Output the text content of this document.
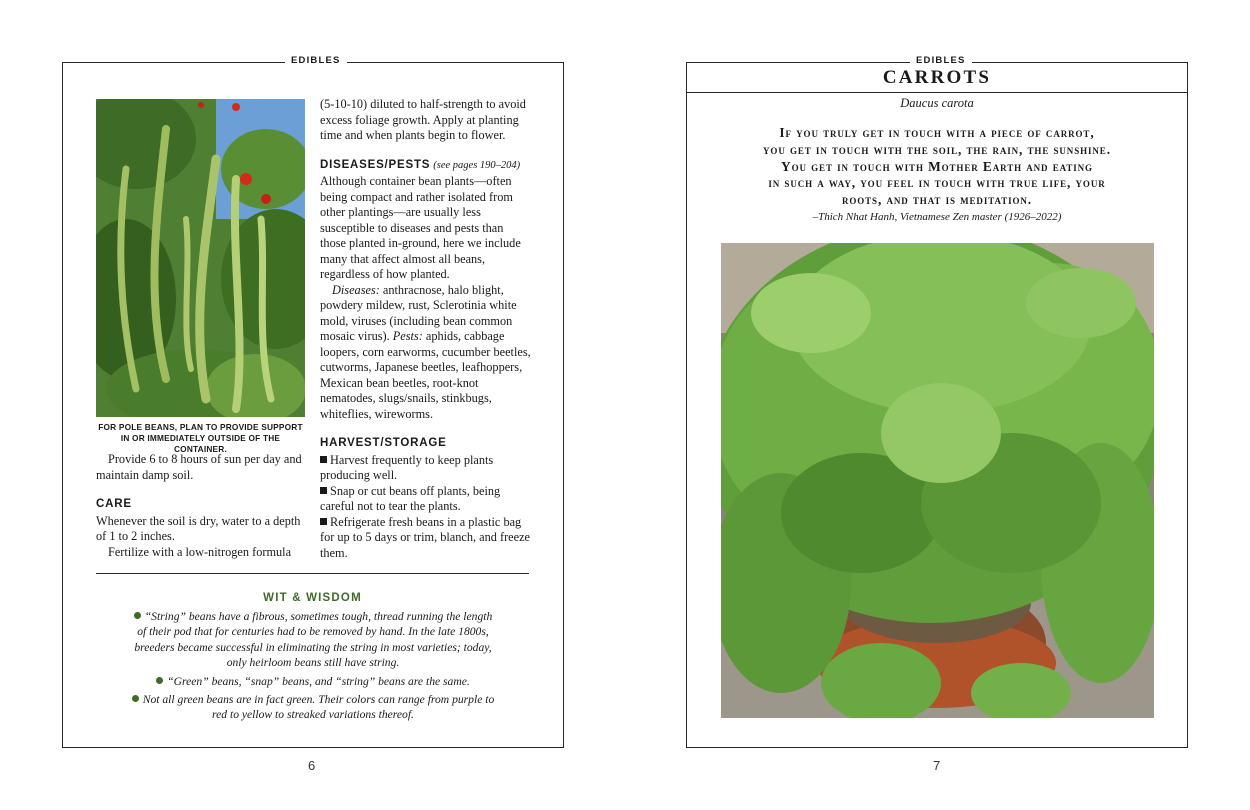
EDIBLES
FOR POLE BEANS, PLAN TO PROVIDE SUPPORT IN OR IMMEDIATELY OUTSIDE OF THE CONTAINER.

Provide 6 to 8 hours of sun per day and maintain damp soil.

CARE

Whenever the soil is dry, water to a depth of 1 to 2 inches.

Fertilize with a low-nitrogen formula

(5-10-10) diluted to half-strength to avoid excess foliage growth. Apply at planting time and when plants begin to flower.

DISEASES/PESTS (see pages 190–204)

Although container bean plants—often being compact and rather isolated from other plantings—are usually less susceptible to diseases and pests than those planted in-ground, here we include many that affect almost all beans, regardless of how planted.

Diseases: anthracnose, halo blight, powdery mildew, rust, Sclerotinia white mold, viruses (including bean common mosaic virus). Pests: aphids, cabbage loopers, corn earworms, cucumber beetles, cutworms, Japanese beetles, leafhoppers, Mexican bean beetles, root-knot nematodes, slugs/snails, stinkbugs, whiteflies, wireworms.

HARVEST/STORAGE
Harvest frequently to keep plants producing well.
Snap or cut beans off plants, being careful not to tear the plants.
Refrigerate fresh beans in a plastic bag for up to 5 days or trim, blanch, and freeze them.
WIT & WISDOM
“String” beans have a fibrous, sometimes tough, thread running the length of their pod that for centuries had to be removed by hand. In the late 1800s, breeders became successful in eliminating the string in most varieties; today, only heirloom beans still have string.
“Green” beans, “snap” beans, and “string” beans are the same.
Not all green beans are in fact green. Their colors can range from purple to red to yellow to streaked variations thereof.
6
EDIBLES
CARROTS
Daucus carota
If you truly get in touch with a piece of carrot,
you get in touch with the soil, the rain, the sunshine.
You get in touch with Mother Earth and eating
in such a way, you feel in touch with true life, your
roots, and that is meditation.
–Thich Nhat Hanh, Vietnamese Zen master (1926–2022)
7
